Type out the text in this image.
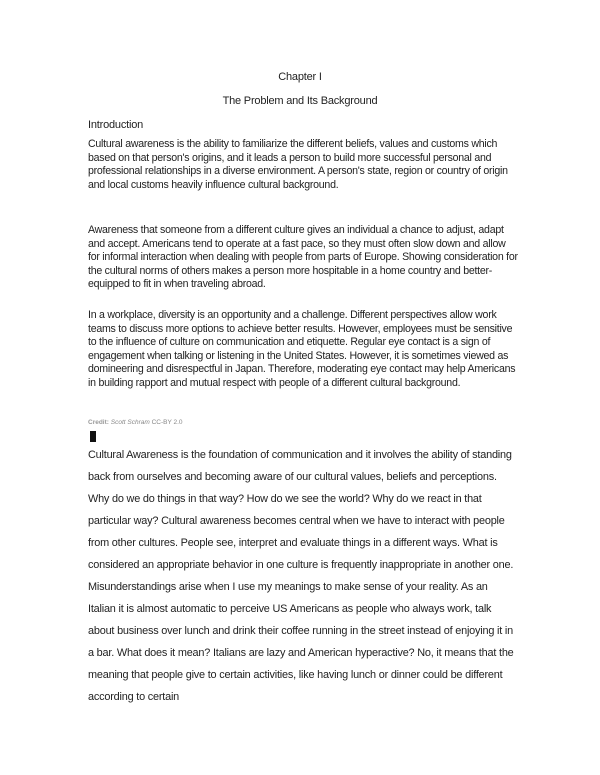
Chapter I
The Problem and Its Background
Introduction

Cultural awareness is the ability to familiarize the different beliefs, values and customs which based on that person's origins, and it leads a person to build more successful personal and professional relationships in a diverse environment. A person's state, region or country of origin and local customs heavily influence cultural background.

Awareness that someone from a different culture gives an individual a chance to adjust, adapt and accept. Americans tend to operate at a fast pace, so they must often slow down and allow for informal interaction when dealing with people from parts of Europe. Showing consideration for the cultural norms of others makes a person more hospitable in a home country and better-equipped to fit in when traveling abroad.

In a workplace, diversity is an opportunity and a challenge. Different perspectives allow work teams to discuss more options to achieve better results. However, employees must be sensitive to the influence of culture on communication and etiquette. Regular eye contact is a sign of engagement when talking or listening in the United States. However, it is sometimes viewed as domineering and disrespectful in Japan. Therefore, moderating eye contact may help Americans in building rapport and mutual respect with people of a different cultural background.

Credit: Scott Schram CC-BY 2.0

Cultural Awareness is the foundation of communication and it involves the ability of standing back from ourselves and becoming aware of our cultural values, beliefs and perceptions. Why do we do things in that way? How do we see the world? Why do we react in that particular way? Cultural awareness becomes central when we have to interact with people from other cultures. People see, interpret and evaluate things in a different ways. What is considered an appropriate behavior in one culture is frequently inappropriate in another one. Misunderstandings arise when I use my meanings to make sense of your reality. As an Italian it is almost automatic to perceive US Americans as people who always work, talk about business over lunch and drink their coffee running in the street instead of enjoying it in a bar. What does it mean? Italians are lazy and American hyperactive? No, it means that the meaning that people give to certain activities, like having lunch or dinner could be different according to certain
